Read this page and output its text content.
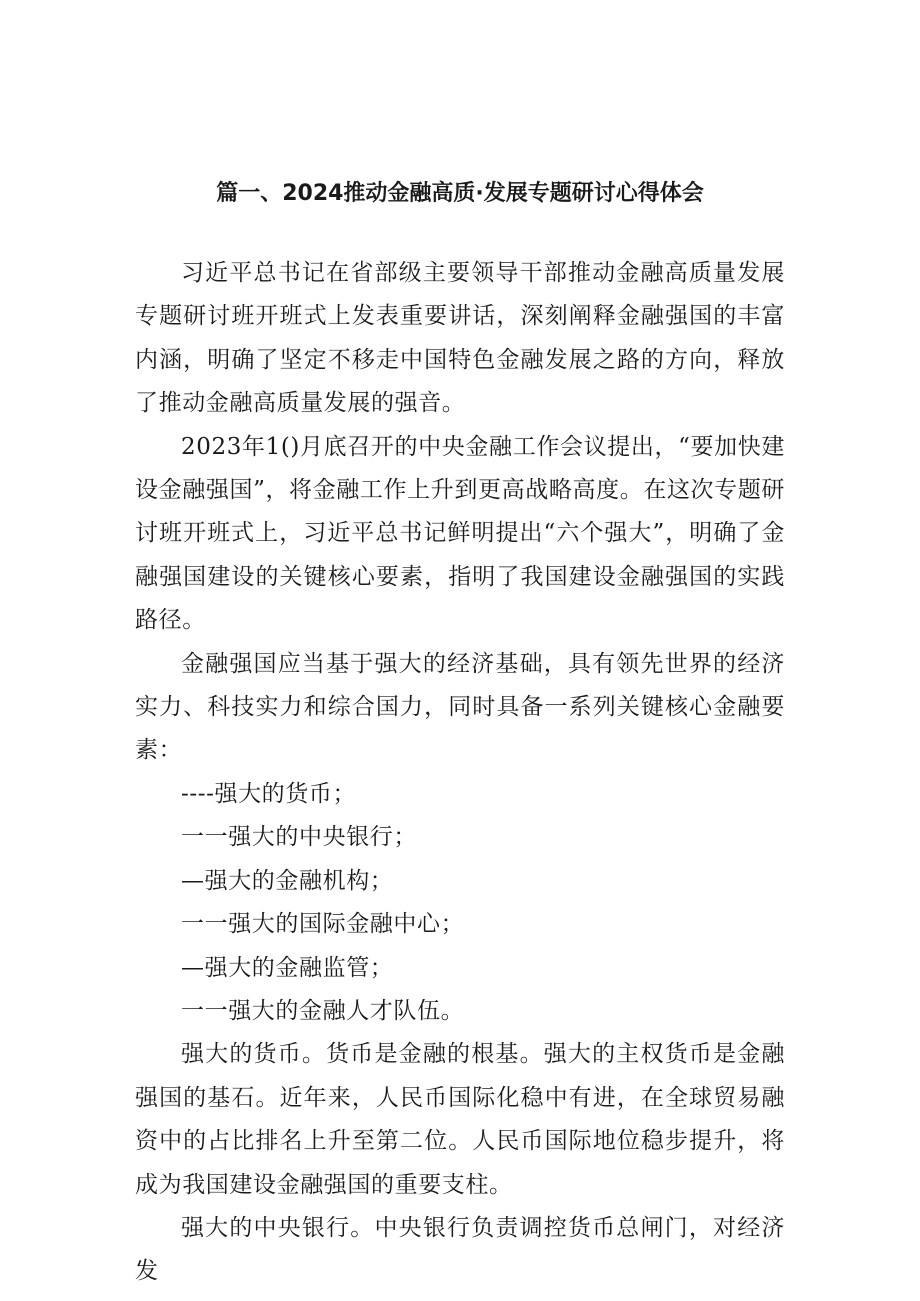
篇一、2024推动金融高质·发展专题研讨心得体会

习近平总书记在省部级主要领导干部推动金融高质量发展专题研讨班开班式上发表重要讲话，深刻阐释金融强国的丰富内涵，明确了坚定不移走中国特色金融发展之路的方向，释放了推动金融高质量发展的强音。

2023年1()月底召开的中央金融工作会议提出，“要加快建设金融强国”，将金融工作上升到更高战略高度。在这次专题研讨班开班式上，习近平总书记鲜明提出“六个强大”，明确了金融强国建设的关键核心要素，指明了我国建设金融强国的实践路径。

金融强国应当基于强大的经济基础，具有领先世界的经济实力、科技实力和综合国力，同时具备一系列关键核心金融要素：

----强大的货币；

一一强大的中央银行；

—强大的金融机构；

一一强大的国际金融中心；

—强大的金融监管；

一一强大的金融人才队伍。

强大的货币。货币是金融的根基。强大的主权货币是金融强国的基石。近年来，人民币国际化稳中有进，在全球贸易融资中的占比排名上升至第二位。人民币国际地位稳步提升，将成为我国建设金融强国的重要支柱。

强大的中央银行。中央银行负责调控货币总闸门，对经济发
